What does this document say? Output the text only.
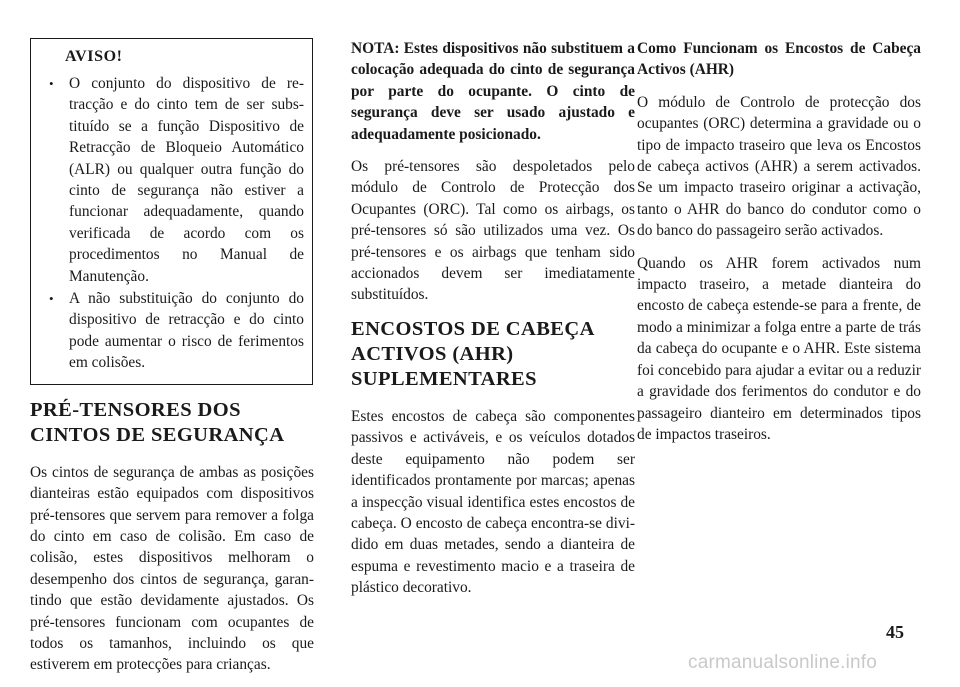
AVISO!
• O conjunto do dispositivo de retracção e do cinto tem de ser substituído se a função Dispositivo de Retracção de Bloqueio Automático (ALR) ou qualquer outra função do cinto de segurança não estiver a funcionar adequadamente, quando verificada de acordo com os procedimentos no Manual de Manutenção.
• A não substituição do conjunto do dispositivo de retracção e do cinto pode aumentar o risco de ferimentos em colisões.
PRÉ-TENSORES DOS CINTOS DE SEGURANÇA

Os cintos de segurança de ambas as posições dianteiras estão equipados com dispositivos pré-tensores que servem para remover a folga do cinto em caso de colisão. Em caso de colisão, estes dispositivos melhoram o desempenho dos cintos de segurança, garantindo que estão devidamente ajustados. Os pré-tensores funcionam com ocupantes de todos os tamanhos, incluindo os que estiverem em protecções para crianças.

NOTA: Estes dispositivos não substituem a colocação adequada do cinto de segurança por parte do ocupante. O cinto de segurança deve ser usado ajustado e adequadamente posicionado.

Os pré-tensores são despoletados pelo módulo de Controlo de Protecção dos Ocupantes (ORC). Tal como os airbags, os pré-tensores só são utilizados uma vez. Os pré-tensores e os airbags que tenham sido accionados devem ser imediatamente substituídos.

ENCOSTOS DE CABEÇA ACTIVOS (AHR) SUPLEMENTARES

Estes encostos de cabeça são componentes passivos e activáveis, e os veículos dotados deste equipamento não podem ser identificados prontamente por marcas; apenas a inspecção visual identifica estes encostos de cabeça. O encosto de cabeça encontra-se dividido em duas metades, sendo a dianteira de espuma e revestimento macio e a traseira de plástico decorativo.

Como Funcionam os Encostos de Cabeça Activos (AHR)

O módulo de Controlo de protecção dos ocupantes (ORC) determina a gravidade ou o tipo de impacto traseiro que leva os Encostos de cabeça activos (AHR) a serem activados. Se um impacto traseiro originar a activação, tanto o AHR do banco do condutor como o do banco do passageiro serão activados.

Quando os AHR forem activados num impacto traseiro, a metade dianteira do encosto de cabeça estende-se para a frente, de modo a minimizar a folga entre a parte de trás da cabeça do ocupante e o AHR. Este sistema foi concebido para ajudar a evitar ou a reduzir a gravidade dos ferimentos do condutor e do passageiro dianteiro em determinados tipos de impactos traseiros.

45
carmanualsonline.info
